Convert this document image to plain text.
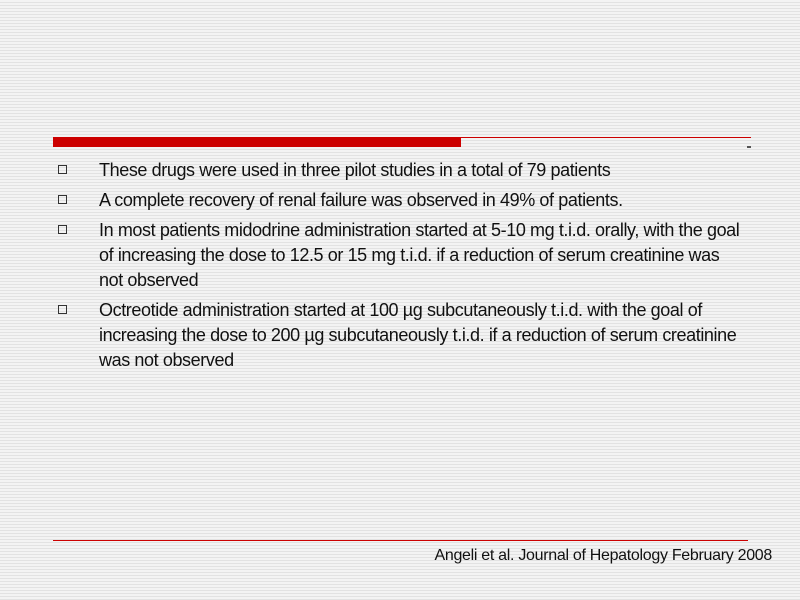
These drugs were used in three pilot studies in a total of 79 patients
A complete recovery of renal failure was observed in 49% of patients.
In most patients midodrine administration started at 5-10 mg t.i.d. orally, with the goal of increasing the dose to 12.5 or 15 mg t.i.d. if a reduction of serum creatinine was not observed
Octreotide administration started at 100 µg subcutaneously t.i.d. with the goal of increasing the dose to 200 µg subcutaneously t.i.d. if a reduction of serum creatinine was not observed
Angeli et al. Journal of Hepatology February 2008
